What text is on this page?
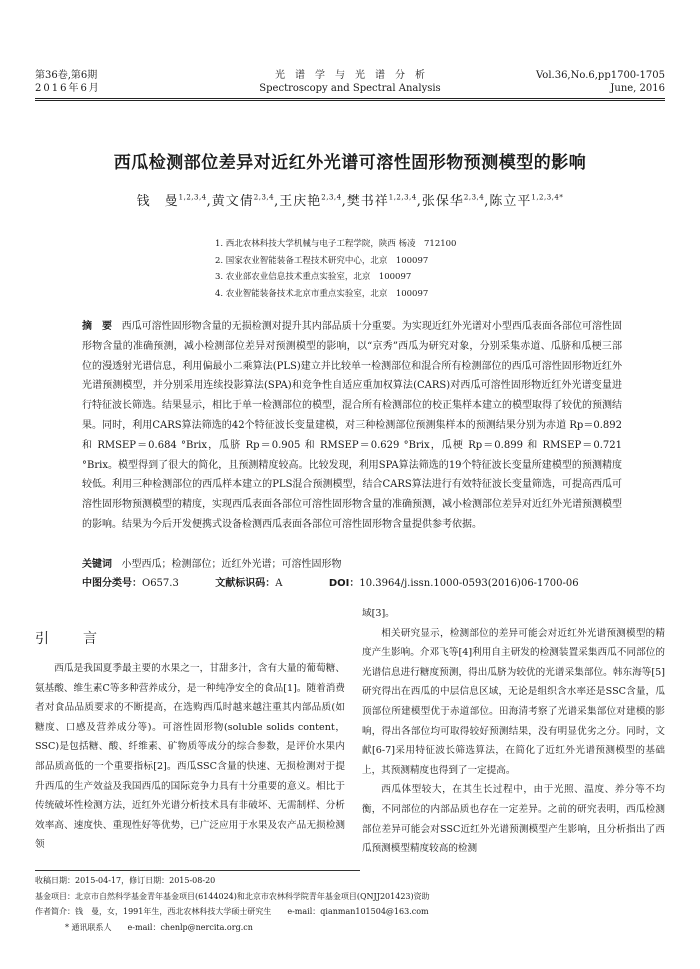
第36卷,第6期
2016年6月
光　谱　学　与　光　谱　分　析
Spectroscopy and Spectral Analysis
Vol.36,No.6,pp1700-1705
June, 2016
西瓜检测部位差异对近红外光谱可溶性固形物预测模型的影响
钱　曼$^{1,2,3,4}$,黄文倩$^{2,3,4}$,王庆艳$^{2,3,4}$,樊书祥$^{1,2,3,4}$,张保华$^{2,3,4}$,陈立平$^{1,2,3,4*}$
1. 西北农林科技大学机械与电子工程学院，陕西 杨凌　712100
2. 国家农业智能装备工程技术研究中心，北京　100097
3. 农业部农业信息技术重点实验室，北京　100097
4. 农业智能装备技术北京市重点实验室，北京　100097
摘　要 西瓜可溶性固形物含量的无损检测对提升其内部品质十分重要。为实现近红外光谱对小型西瓜表面各部位可溶性固形物含量的准确预测，减小检测部位差异对预测模型的影响，以“京秀”西瓜为研究对象，分别采集赤道、瓜脐和瓜梗三部位的漫透射光谱信息，利用偏最小二乘算法(PLS)建立并比较单一检测部位和混合所有检测部位的西瓜可溶性固形物近红外光谱预测模型，并分别采用连续投影算法(SPA)和竞争性自适应重加权算法(CARS)对西瓜可溶性固形物近红外光谱变量进行特征波长筛选。结果显示，相比于单一检测部位的模型，混合所有检测部位的校正集样本建立的模型取得了较优的预测结果。同时，利用CARS算法筛选的42个特征波长变量建模，对三种检测部位预测集样本的预测结果分别为赤道 Rp＝0.892 和 RMSEP＝0.684 °Brix，瓜脐 Rp＝0.905 和 RMSEP＝0.629 °Brix，瓜梗 Rp＝0.899 和 RMSEP＝0.721 °Brix。模型得到了很大的简化，且预测精度较高。比较发现，利用SPA算法筛选的19个特征波长变量所建模型的预测精度较低。利用三种检测部位的西瓜样本建立的PLS混合预测模型，结合CARS算法进行有效特征波长变量筛选，可提高西瓜可溶性固形物预测模型的精度，实现西瓜表面各部位可溶性固形物含量的准确预测，减小检测部位差异对近红外光谱预测模型的影响。结果为今后开发便携式设备检测西瓜表面各部位可溶性固形物含量提供参考依据。
关键词 小型西瓜；检测部位；近红外光谱；可溶性固形物
中图分类号：O657.3	文献标识码：A	DOI：10.3964/j.issn.1000-0593(2016)06-1700-06
引　言
西瓜是我国夏季最主要的水果之一，甘甜多汁，含有大量的葡萄糖、氨基酸、维生素C等多种营养成分，是一种纯净安全的食品[1]。随着消费者对食品品质要求的不断提高，在选购西瓜时越来越注重其内部品质(如糖度、口感及营养成分等)。可溶性固形物(soluble solids content，SSC)是包括糖、酸、纤维素、矿物质等成分的综合参数，是评价水果内部品质高低的一个重要指标[2]。西瓜SSC含量的快速、无损检测对于提升西瓜的生产效益及我国西瓜的国际竞争力具有十分重要的意义。相比于传统破坏性检测方法，近红外光谱分析技术具有非破坏、无需制样、分析效率高、速度快、重现性好等优势，已广泛应用于水果及农产品无损检测领

域[3]。

相关研究显示，检测部位的差异可能会对近红外光谱预测模型的精度产生影响。介邓飞等[4]利用自主研发的检测装置采集西瓜不同部位的光谱信息进行糖度预测，得出瓜脐为较优的光谱采集部位。韩东海等[5]研究得出在西瓜的中层信息区域，无论是组织含水率还是SSC含量，瓜顶部位所建模型优于赤道部位。田海清考察了光谱采集部位对建模的影响，得出各部位均可取得较好预测结果，没有明显优劣之分。同时，文献[6-7]采用特征波长筛选算法，在简化了近红外光谱预测模型的基础上，其预测精度也得到了一定提高。

西瓜体型较大，在其生长过程中，由于光照、温度、养分等不均衡，不同部位的内部品质也存在一定差异。之前的研究表明，西瓜检测部位差异可能会对SSC近红外光谱预测模型产生影响，且分析指出了西瓜预测模型精度较高的检测

收稿日期：2015-04-17，修订日期：2015-08-20
基金项目：北京市自然科学基金青年基金项目(6144024)和北京市农林科学院青年基金项目(QNJJ201423)资助
作者简介：钱　曼，女，1991年生，西北农林科技大学硕士研究生　　e-mail：qianman101504@163.com
* 通讯联系人　　e-mail：chenlp@nercita.org.cn
